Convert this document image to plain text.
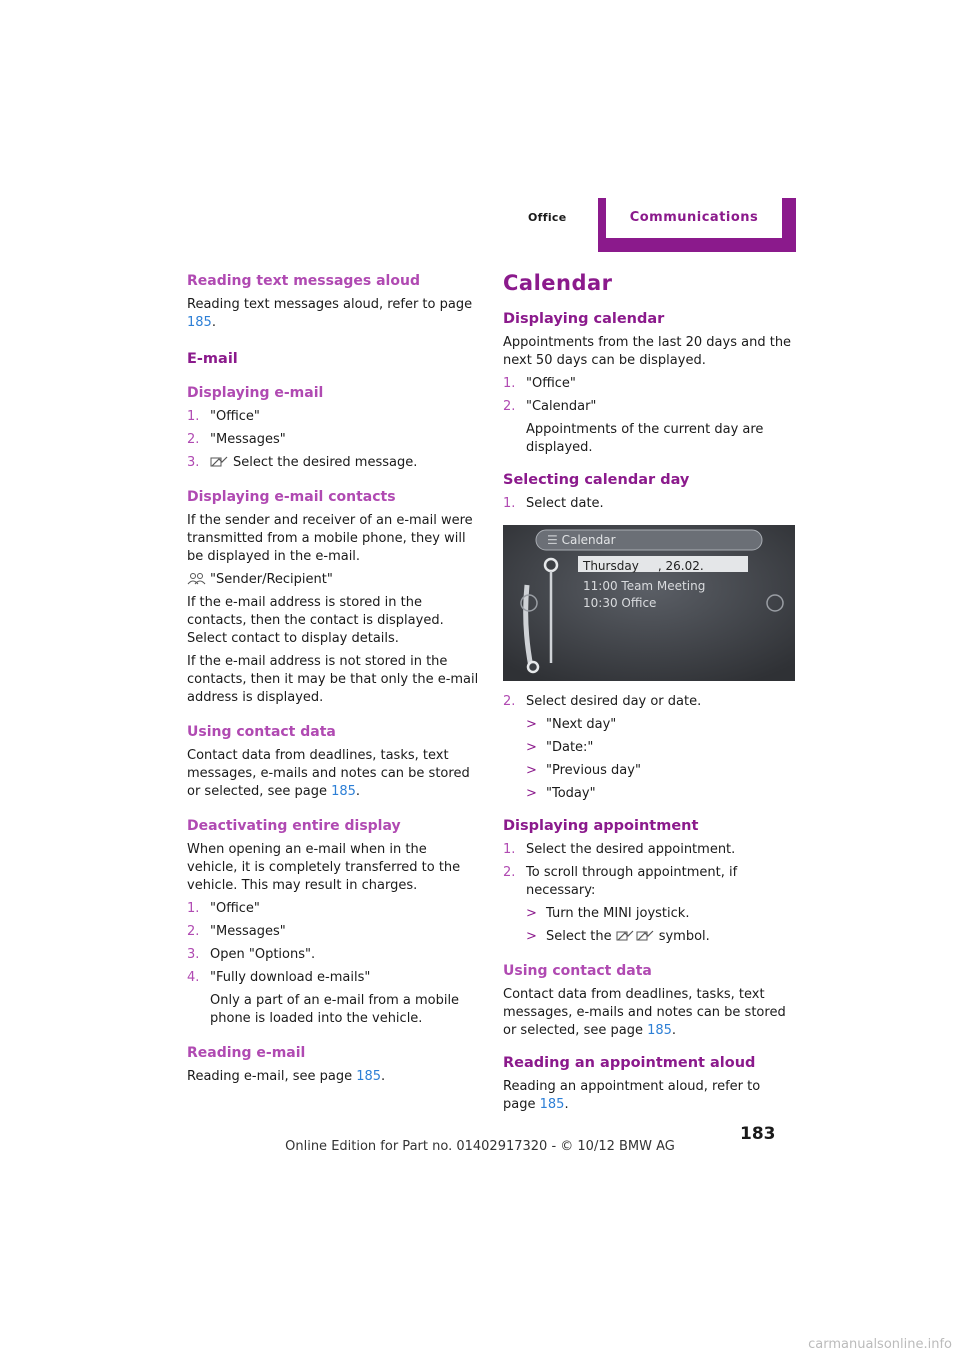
Office	Communications
Reading text messages aloud

Reading text messages aloud, refer to page 185.

E-mail
Displaying e-mail
1. "Office"
2. "Messages"
3.	Select the desired message.
Displaying e-mail contacts

If the sender and receiver of an e-mail were transmitted from a mobile phone, they will be displayed in the e-mail.

"Sender/Recipient"

If the e-mail address is stored in the contacts, then the contact is displayed. Select contact to display details.

If the e-mail address is not stored in the contacts, then it may be that only the e-mail address is displayed.

Using contact data

Contact data from deadlines, tasks, text messages, e-mails and notes can be stored or selected, see page 185.

Deactivating entire display

When opening an e-mail when in the vehicle, it is completely transferred to the vehicle. This may result in charges.

1. "Office"
2. "Messages"
3. Open "Options".
4. "Fully download e-mails"

Only a part of an e-mail from a mobile phone is loaded into the vehicle.

Reading e-mail

Reading e-mail, see page 185.

Calendar
Displaying calendar

Appointments from the last 20 days and the next 50 days can be displayed.

1. "Office"
2. "Calendar"

Appointments of the current day are displayed.

Selecting calendar day
1. Select date.
☰ Calendar
Thursday , 26.02.
11:00 Team Meeting
10:30 Office
2. Select desired day or date.
> "Next day"
> "Date:"
> "Previous day"
> "Today"
Displaying appointment
1. Select the desired appointment.
2. To scroll through appointment, if necessary:
> Turn the MINI joystick.
> Select the	symbol.
Using contact data

Contact data from deadlines, tasks, text messages, e-mails and notes can be stored or selected, see page 185.

Reading an appointment aloud

Reading an appointment aloud, refer to page 185.

183
Online Edition for Part no. 01402917320 - © 10/12 BMW AG
carmanualsonline.info
